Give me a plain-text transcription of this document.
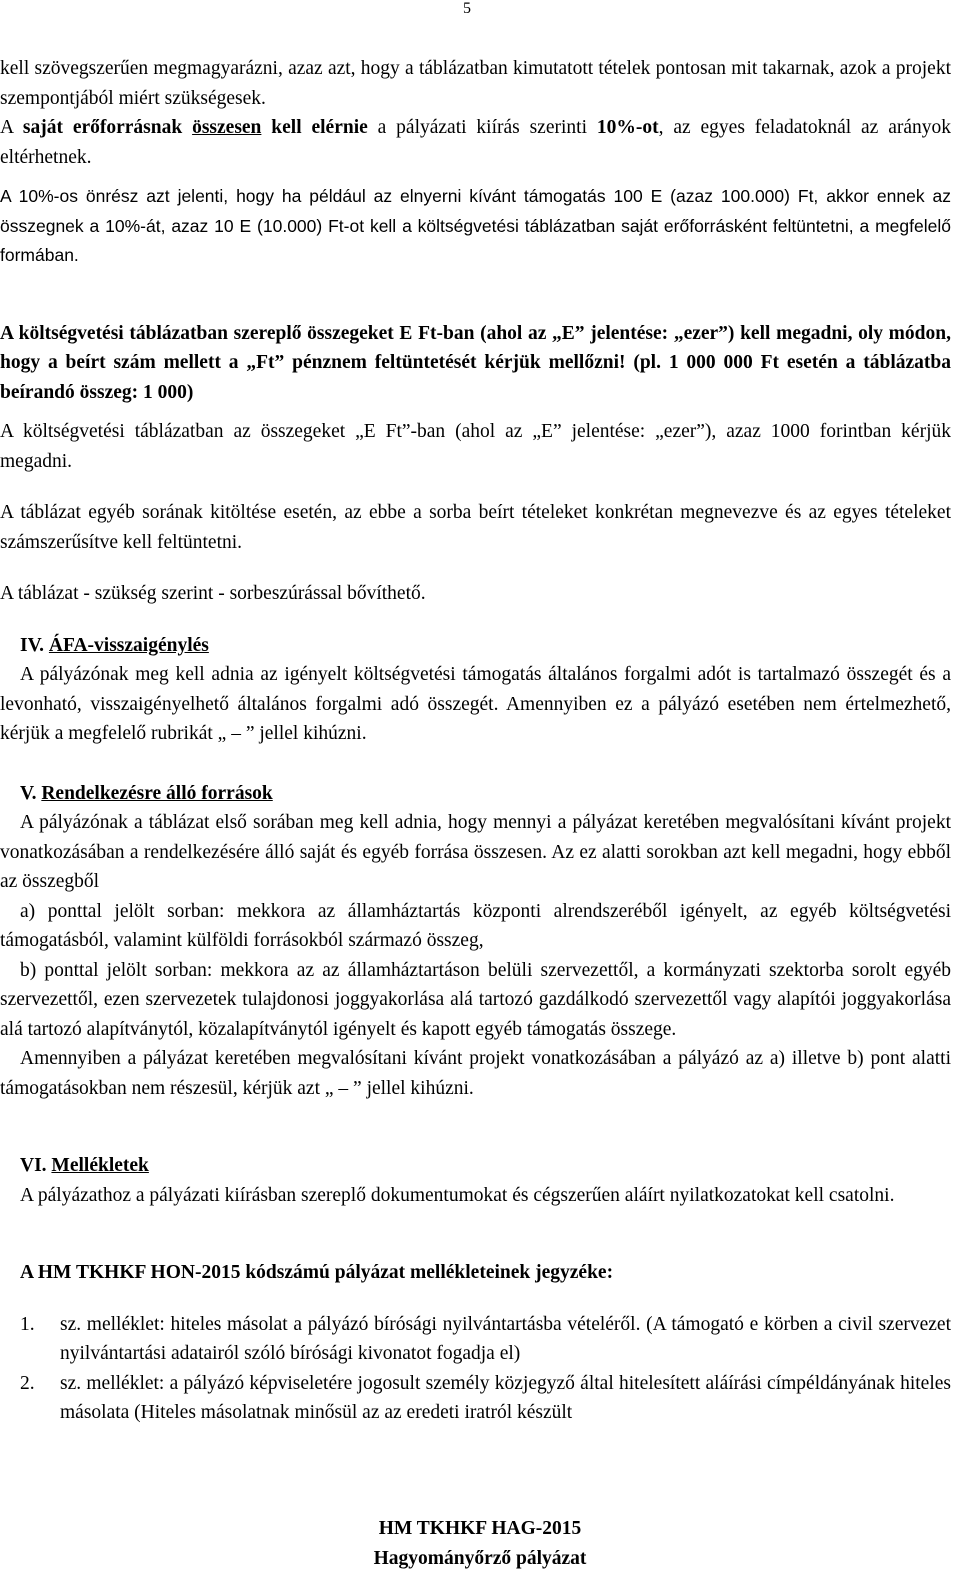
5

kell szövegszerűen megmagyarázni, azaz azt, hogy a táblázatban kimutatott tételek pontosan mit takarnak, azok a projekt szempontjából miért szükségesek.

A saját erőforrásnak összesen kell elérnie a pályázati kiírás szerinti 10%-ot, az egyes feladatoknál az arányok eltérhetnek.

A 10%-os önrész azt jelenti, hogy ha például az elnyerni kívánt támogatás 100 E (azaz 100.000) Ft, akkor ennek az összegnek a 10%-át, azaz 10 E (10.000) Ft-ot kell a költségvetési táblázatban saját erőforrásként feltüntetni, a megfelelő formában.

A költségvetési táblázatban szereplő összegeket E Ft-ban (ahol az „E” jelentése: „ezer”) kell megadni, oly módon, hogy a beírt szám mellett a „Ft” pénznem feltüntetését kérjük mellőzni! (pl. 1 000 000 Ft esetén a táblázatba beírandó összeg: 1 000)

A költségvetési táblázatban az összegeket „E Ft”-ban (ahol az „E” jelentése: „ezer”), azaz 1000 forintban kérjük megadni.

A táblázat egyéb sorának kitöltése esetén, az ebbe a sorba beírt tételeket konkrétan megnevezve és az egyes tételeket számszerűsítve kell feltüntetni.

A táblázat - szükség szerint - sorbeszúrással bővíthető.

IV. ÁFA-visszaigénylés

A pályázónak meg kell adnia az igényelt költségvetési támogatás általános forgalmi adót is tartalmazó összegét és a levonható, visszaigényelhető általános forgalmi adó összegét. Amennyiben ez a pályázó esetében nem értelmezhető, kérjük a megfelelő rubrikát „ – ” jellel kihúzni.

V. Rendelkezésre álló források

A pályázónak a táblázat első sorában meg kell adnia, hogy mennyi a pályázat keretében megvalósítani kívánt projekt vonatkozásában a rendelkezésére álló saját és egyéb forrása összesen. Az ez alatti sorokban azt kell megadni, hogy ebből az összegből

a) ponttal jelölt sorban: mekkora az államháztartás központi alrendszeréből igényelt, az egyéb költségvetési támogatásból, valamint külföldi forrásokból származó összeg,

b) ponttal jelölt sorban: mekkora az az államháztartáson belüli szervezettől, a kormányzati szektorba sorolt egyéb szervezettől, ezen szervezetek tulajdonosi joggyakorlása alá tartozó gazdálkodó szervezettől vagy alapítói joggyakorlása alá tartozó alapítványtól, közalapítványtól igényelt és kapott egyéb támogatás összege.

Amennyiben a pályázat keretében megvalósítani kívánt projekt vonatkozásában a pályázó az a) illetve b) pont alatti támogatásokban nem részesül, kérjük azt „ – ” jellel kihúzni.

VI. Mellékletek

A pályázathoz a pályázati kiírásban szereplő dokumentumokat és cégszerűen aláírt nyilatkozatokat kell csatolni.

A HM TKHKF HON-2015 kódszámú pályázat mellékleteinek jegyzéke:

1.	sz. melléklet: hiteles másolat a pályázó bírósági nyilvántartásba vételéről. (A támogató e körben a civil szervezet nyilvántartási adatairól szóló bírósági kivonatot fogadja el)
2.	sz. melléklet: a pályázó képviseletére jogosult személy közjegyző által hitelesített aláírási címpéldányának hiteles másolata (Hiteles másolatnak minősül az az eredeti iratról készült
HM TKHKF HAG-2015
Hagyományőrző pályázat
